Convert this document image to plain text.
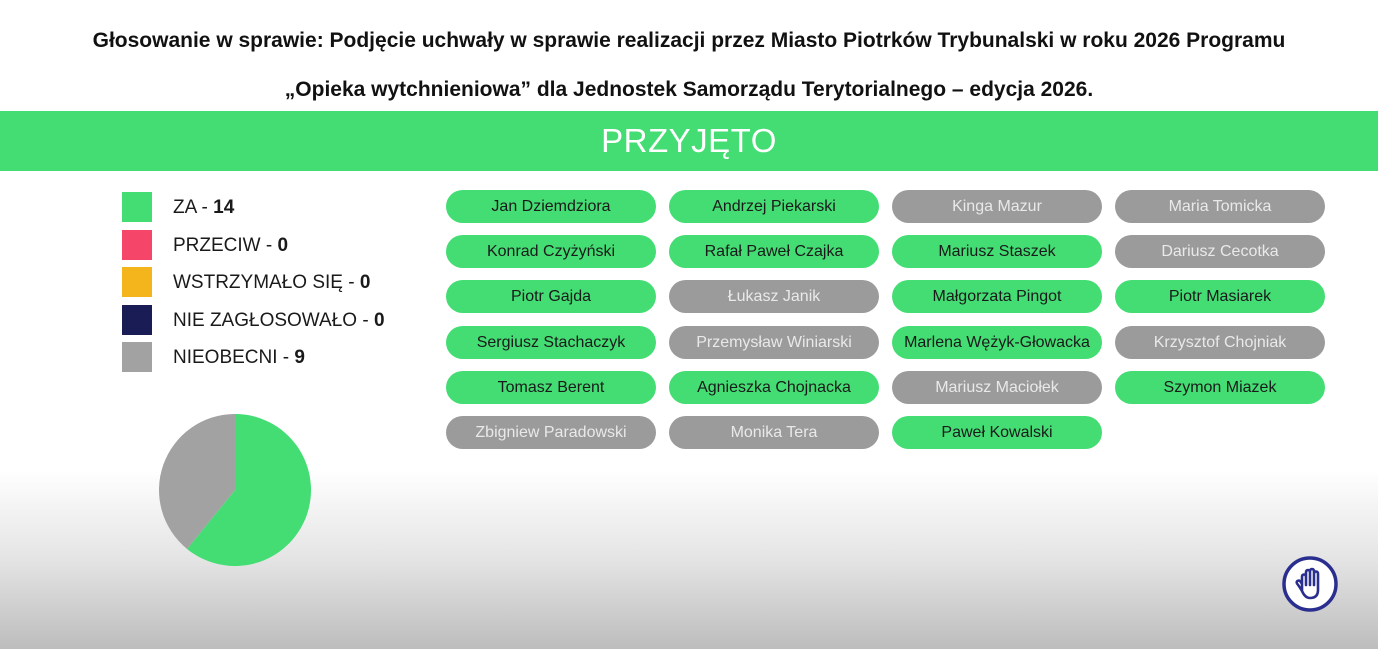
Głosowanie w sprawie: Podjęcie uchwały w sprawie realizacji przez Miasto Piotrków Trybunalski w roku 2026 Programu
„Opieka wytchnieniowa” dla Jednostek Samorządu Terytorialnego – edycja 2026.
PRZYJĘTO
ZA - 14
PRZECIW - 0
WSTRZYMAŁO SIĘ - 0
NIE ZAGŁOSOWAŁO - 0
NIEOBECNI - 9
Jan Dziemdziora	Andrzej Piekarski	Kinga Mazur	Maria Tomicka
Konrad Czyżyński	Rafał Paweł Czajka	Mariusz Staszek	Dariusz Cecotka
Piotr Gajda	Łukasz Janik	Małgorzata Pingot	Piotr Masiarek
Sergiusz Stachaczyk	Przemysław Winiarski	Marlena Wężyk-Głowacka	Krzysztof Chojniak
Tomasz Berent	Agnieszka Chojnacka	Mariusz Maciołek	Szymon Miazek
Zbigniew Paradowski	Monika Tera	Paweł Kowalski
